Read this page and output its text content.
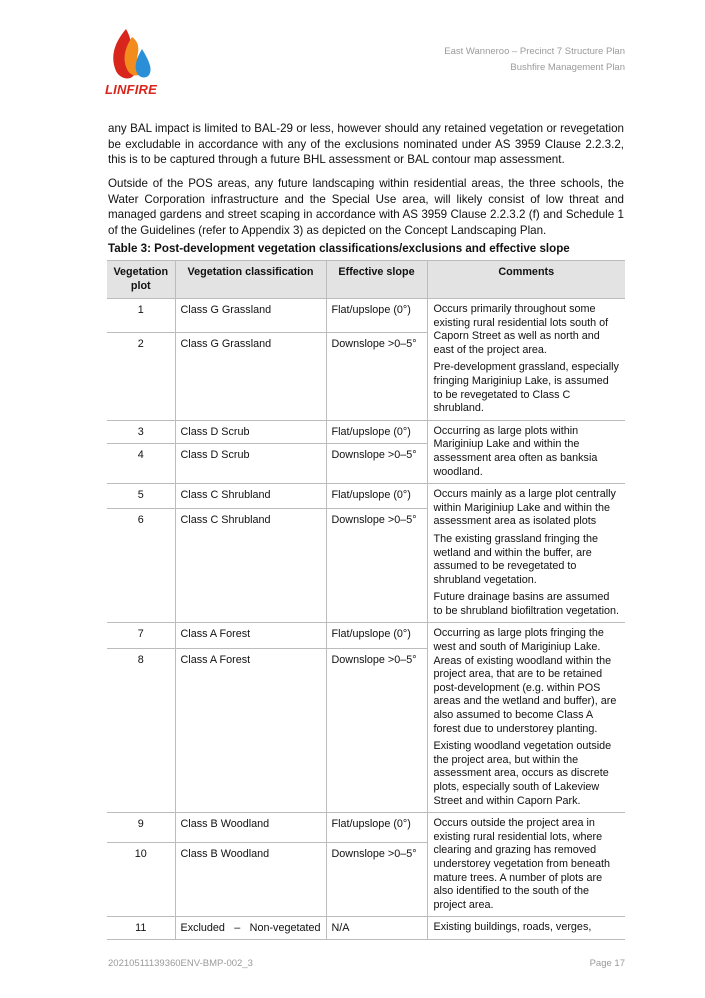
LINFIRE
East Wanneroo – Precinct 7 Structure Plan
Bushfire Management Plan

any BAL impact is limited to BAL-29 or less, however should any retained vegetation or revegetation be excludable in accordance with any of the exclusions nominated under AS 3959 Clause 2.2.3.2, this is to be captured through a future BHL assessment or BAL contour map assessment.

Outside of the POS areas, any future landscaping within residential areas, the three schools, the Water Corporation infrastructure and the Special Use area, will likely consist of low threat and managed gardens and street scaping in accordance with AS 3959 Clause 2.2.3.2 (f) and Schedule 1 of the Guidelines (refer to Appendix 3) as depicted on the Concept Landscaping Plan.

Table 3: Post-development vegetation classifications/exclusions and effective slope
Vegetation plot	Vegetation classification	Effective slope	Comments
1	Class G Grassland	Flat/upslope (0°)	Occurs primarily throughout some existing rural residential lots south of Caporn Street as well as north and east of the project area.

Pre-development grassland, especially fringing Mariginiup Lake, is assumed to be revegetated to Class C shrubland.

2	Class G Grassland	Downslope >0–5°	
3	Class D Scrub	Flat/upslope (0°)	Occurring as large plots within Mariginiup Lake and within the assessment area often as banksia woodland.

4	Class D Scrub	Downslope >0–5°	
5	Class C Shrubland	Flat/upslope (0°)	Occurs mainly as a large plot centrally within Mariginiup Lake and within the assessment area as isolated plots

The existing grassland fringing the wetland and within the buffer, are assumed to be revegetated to shrubland vegetation.

Future drainage basins are assumed to be shrubland biofiltration vegetation.

6	Class C Shrubland	Downslope >0–5°	
7	Class A Forest	Flat/upslope (0°)	Occurring as large plots fringing the west and south of Mariginiup Lake. Areas of existing woodland within the project area, that are to be retained post-development (e.g. within POS areas and the wetland and buffer), are also assumed to become Class A forest due to understorey planting.

Existing woodland vegetation outside the project area, but within the assessment area, occurs as discrete plots, especially south of Lakeview Street and within Caporn Park.

8	Class A Forest	Downslope >0–5°	
9	Class B Woodland	Flat/upslope (0°)	Occurs outside the project area in existing rural residential lots, where clearing and grazing has removed understorey vegetation from beneath mature trees. A number of plots are also identified to the south of the project area.

10	Class B Woodland	Downslope >0–5°	
11	Excluded – Non-vegetated	N/A	Existing buildings, roads, verges,

20210511139360ENV-BMP-002_3	Page 17
